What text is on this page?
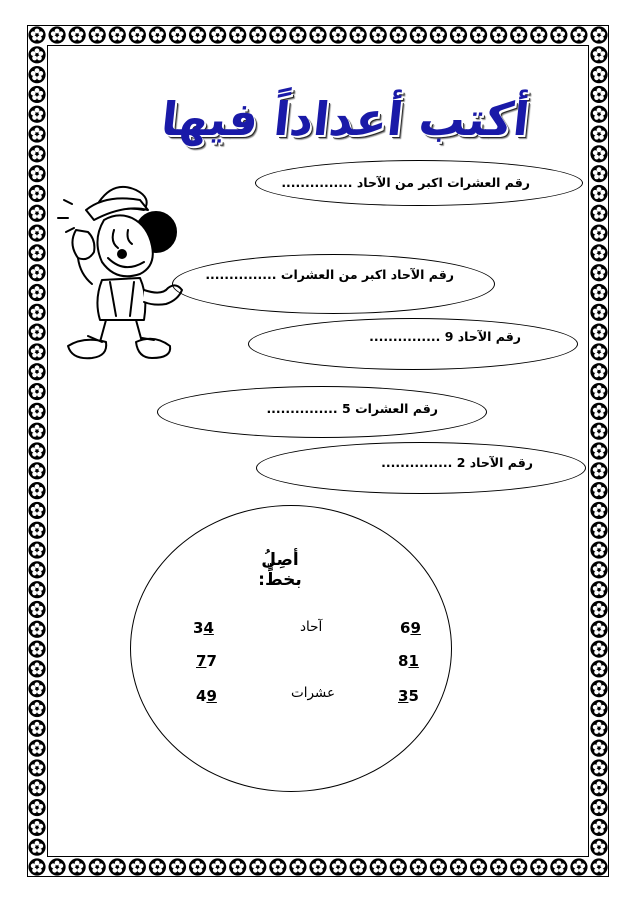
أكتب أعداداً فيها
رقم العشرات اكبر من الآحاد ...............
رقم الآحاد اكبر من العشرات ...............
رقم الآحاد 9 ...............
رقم العشرات 5 ...............
رقم الآحاد 2 ...............
أصِلُ بخطٍّ:
34
77
49
آحاد
عشرات
69
81
35
